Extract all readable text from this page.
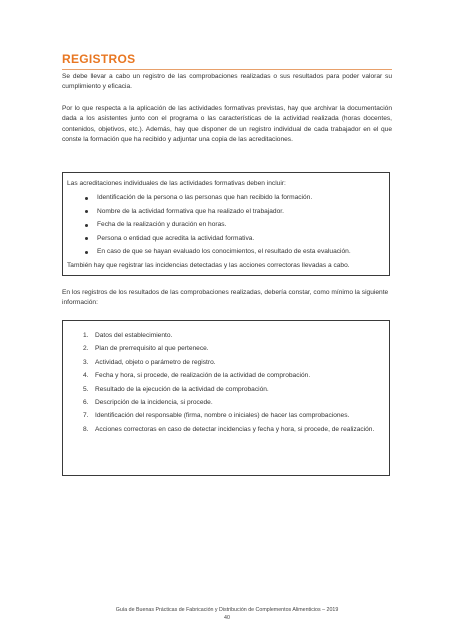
REGISTROS
Se debe llevar a cabo un registro de las comprobaciones realizadas o sus resultados para poder valorar su cumplimiento y eficacia.
Por lo que respecta a la aplicación de las actividades formativas previstas, hay que archivar la documentación dada a los asistentes junto con el programa o las características de la actividad realizada (horas docentes, contenidos, objetivos, etc.). Además, hay que disponer de un registro individual de cada trabajador en el que conste la formación que ha recibido y adjuntar una copia de las acreditaciones.
Las acreditaciones individuales de las actividades formativas deben incluir:
Identificación de la persona o las personas que han recibido la formación.
Nombre de la actividad formativa que ha realizado el trabajador.
Fecha de la realización y duración en horas.
Persona o entidad que acredita la actividad formativa.
En caso de que se hayan evaluado los conocimientos, el resultado de esta evaluación.
También hay que registrar las incidencias detectadas y las acciones correctoras llevadas a cabo.
En los registros de los resultados de las comprobaciones realizadas, debería constar, como mínimo la siguiente información:
1. Datos del establecimiento.
2. Plan de prerrequisito al que pertenece.
3. Actividad, objeto o parámetro de registro.
4. Fecha y hora, si procede, de realización de la actividad de comprobación.
5. Resultado de la ejecución de la actividad de comprobación.
6. Descripción de la incidencia, si procede.
7. Identificación del responsable (firma, nombre o iniciales) de hacer las comprobaciones.
8. Acciones correctoras en caso de detectar incidencias y fecha y hora, si procede, de realización.
Guía de Buenas Prácticas de Fabricación y Distribución de Complementos Alimenticios – 2019
40
